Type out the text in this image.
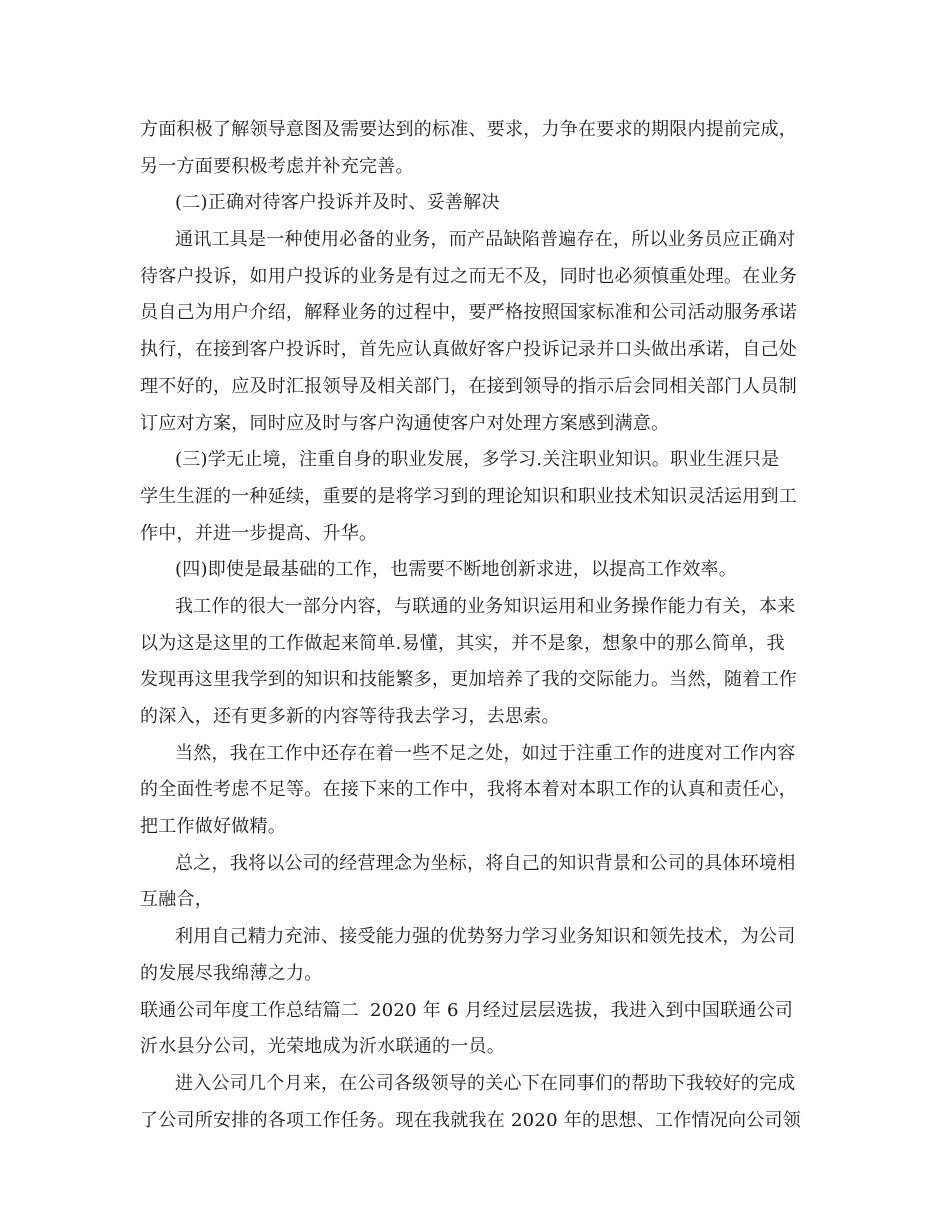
方面积极了解领导意图及需要达到的标准、要求，力争在要求的期限内提前完成，
另一方面要积极考虑并补充完善。
(二)正确对待客户投诉并及时、妥善解决
通讯工具是一种使用必备的业务，而产品缺陷普遍存在，所以业务员应正确对
待客户投诉，如用户投诉的业务是有过之而无不及，同时也必须慎重处理。在业务
员自己为用户介绍，解释业务的过程中，要严格按照国家标准和公司活动服务承诺
执行，在接到客户投诉时，首先应认真做好客户投诉记录并口头做出承诺，自己处
理不好的，应及时汇报领导及相关部门，在接到领导的指示后会同相关部门人员制
订应对方案，同时应及时与客户沟通使客户对处理方案感到满意。
(三)学无止境，注重自身的职业发展，多学习.关注职业知识。职业生涯只是
学生生涯的一种延续，重要的是将学习到的理论知识和职业技术知识灵活运用到工
作中，并进一步提高、升华。
(四)即使是最基础的工作，也需要不断地创新求进，以提高工作效率。
我工作的很大一部分内容，与联通的业务知识运用和业务操作能力有关，本来
以为这是这里的工作做起来简单.易懂，其实，并不是象，想象中的那么简单，我
发现再这里我学到的知识和技能繁多，更加培养了我的交际能力。当然，随着工作
的深入，还有更多新的内容等待我去学习，去思索。
当然，我在工作中还存在着一些不足之处，如过于注重工作的进度对工作内容
的全面性考虑不足等。在接下来的工作中，我将本着对本职工作的认真和责任心，
把工作做好做精。
总之，我将以公司的经营理念为坐标，将自己的知识背景和公司的具体环境相
互融合，
利用自己精力充沛、接受能力强的优势努力学习业务知识和领先技术，为公司
的发展尽我绵薄之力。
联通公司年度工作总结篇二 2020 年 6 月经过层层选拔，我进入到中国联通公司
沂水县分公司，光荣地成为沂水联通的一员。
进入公司几个月来，在公司各级领导的关心下在同事们的帮助下我较好的完成
了公司所安排的各项工作任务。现在我就我在 2020 年的思想、工作情况向公司领
